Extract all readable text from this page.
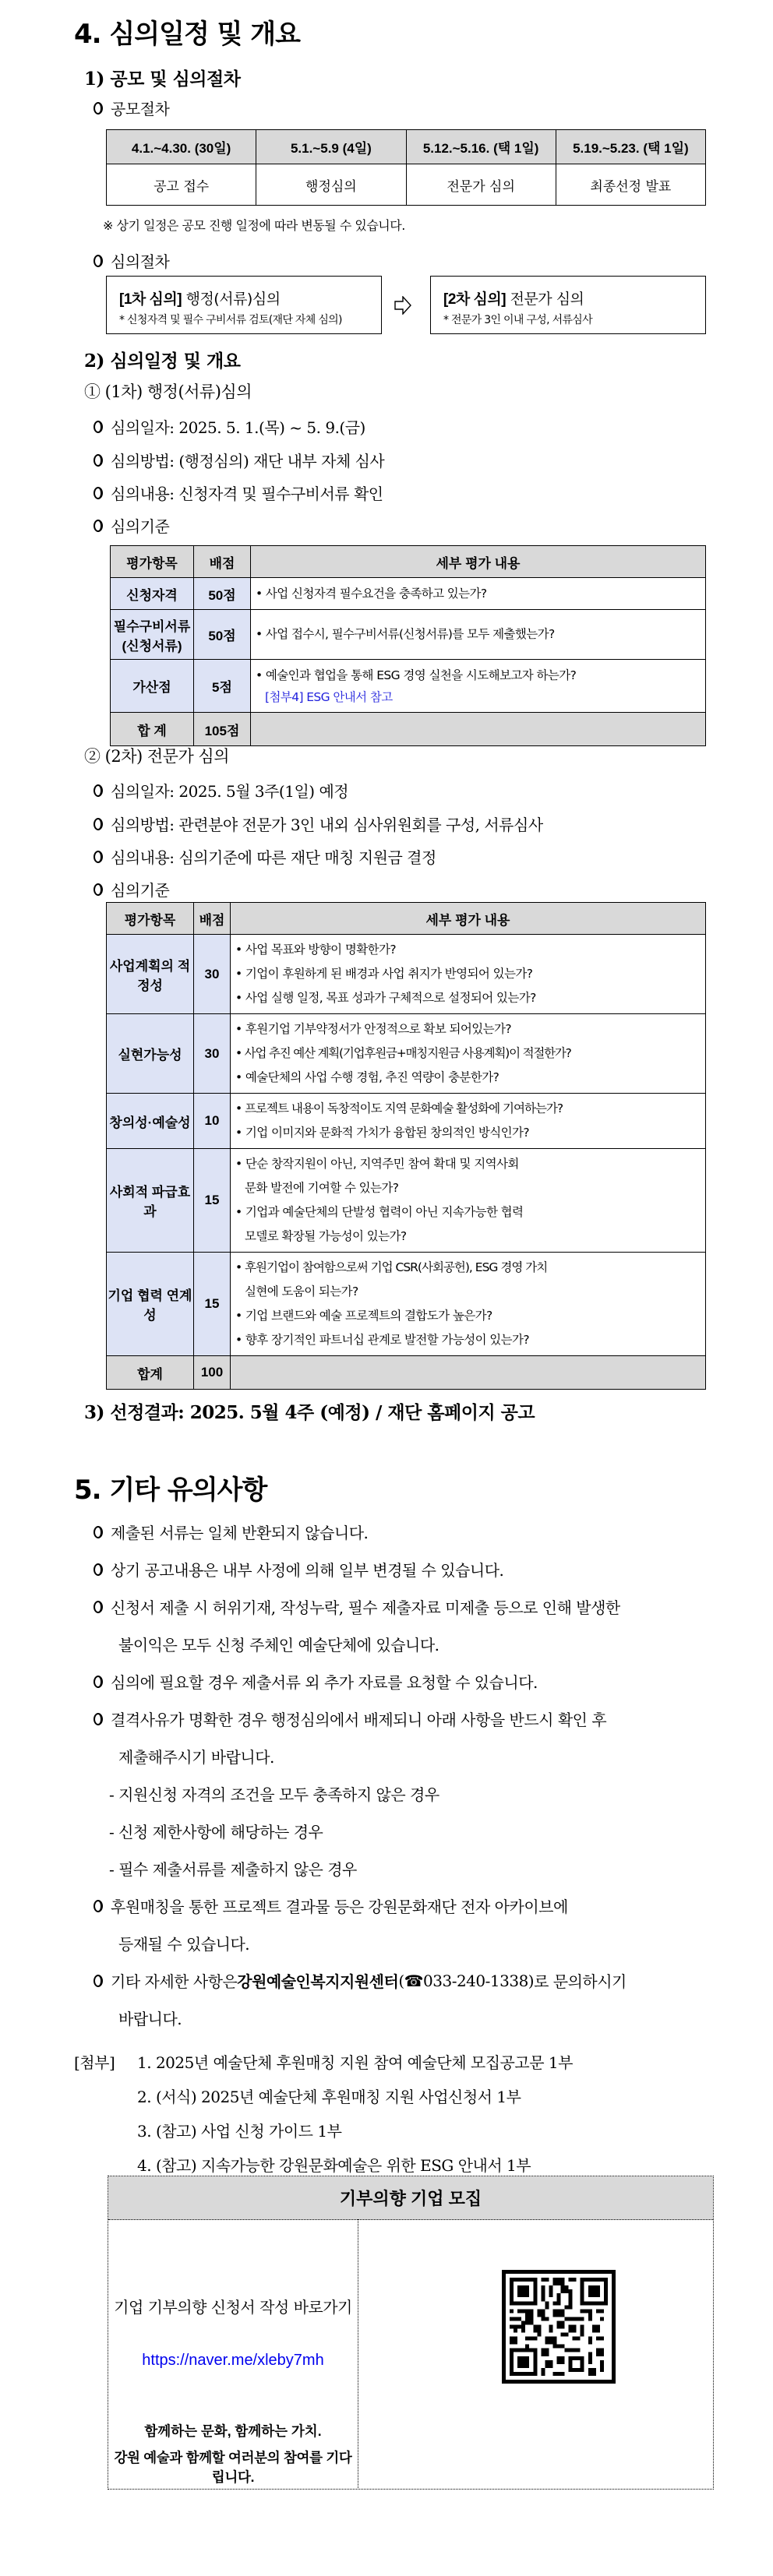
4. 심의일정 및 개요
1) 공모 및 심의절차
공모절차
4.1.~4.30. (30일)	5.1.~5.9 (4일)	5.12.~5.16. (택 1일)	5.19.~5.23. (택 1일)
공고 접수	행정심의	전문가 심의	최종선정 발표
※ 상기 일정은 공모 진행 일정에 따라 변동될 수 있습니다.
심의절차
[1차 심의] 행정(서류)심의
* 신청자격 및 필수 구비서류 검토(재단 자체 심의)
[2차 심의] 전문가 심의
* 전문가 3인 이내 구성, 서류심사
2) 심의일정 및 개요
① (1차) 행정(서류)심의
심의일자: 2025. 5. 1.(목) ~ 5. 9.(금)
심의방법: (행정심의) 재단 내부 자체 심사
심의내용: 신청자격 및 필수구비서류 확인
심의기준
평가항목	배점	세부 평가 내용
신청자격	50점	• 사업 신청자격 필수요건을 충족하고 있는가?

필수구비서류
(신청서류)	50점	• 사업 접수시, 필수구비서류(신청서류)를 모두 제출했는가?

가산점	5점	• 예술인과 협업을 통해 ESG 경영 실천을 시도해보고자 하는가?
[첨부4] ESG 안내서 참고

합 계	105점	
② (2차) 전문가 심의
심의일자: 2025. 5월 3주(1일) 예정
심의방법: 관련분야 전문가 3인 내외 심사위원회를 구성, 서류심사
심의내용: 심의기준에 따른 재단 매칭 지원금 결정
심의기준
평가항목	배점	세부 평가 내용
사업계획의 적정성	30	• 사업 목표와 방향이 명확한가?
• 기업이 후원하게 된 배경과 사업 취지가 반영되어 있는가?
• 사업 실행 일정, 목표 성과가 구체적으로 설정되어 있는가?

실현가능성	30	• 후원기업 기부약정서가 안정적으로 확보 되어있는가?
• 사업 추진 예산 계획(기업후원금+매칭지원금 사용계획)이 적절한가?
• 예술단체의 사업 수행 경험, 추진 역량이 충분한가?

창의성·예술성	10	• 프로젝트 내용이 독창적이도 지역 문화예술 활성화에 기여하는가?
• 기업 이미지와 문화적 가치가 융합된 창의적인 방식인가?

사회적 파급효과	15	• 단순 창작지원이 아닌, 지역주민 참여 확대 및 지역사회
문화 발전에 기여할 수 있는가?
• 기업과 예술단체의 단발성 협력이 아닌 지속가능한 협력
모델로 확장될 가능성이 있는가?

기업 협력 연계성	15	• 후원기업이 참여함으로써 기업 CSR(사회공헌), ESG 경영 가치
실현에 도움이 되는가?
• 기업 브랜드와 예술 프로젝트의 결합도가 높은가?
• 향후 장기적인 파트너십 관계로 발전할 가능성이 있는가?

합계	100	
3) 선정결과: 2025. 5월 4주 (예정) / 재단 홈페이지 공고
5. 기타 유의사항
제출된 서류는 일체 반환되지 않습니다.
상기 공고내용은 내부 사정에 의해 일부 변경될 수 있습니다.
신청서 제출 시 허위기재, 작성누락, 필수 제출자료 미제출 등으로 인해 발생한
불이익은 모두 신청 주체인 예술단체에 있습니다.
심의에 필요할 경우 제출서류 외 추가 자료를 요청할 수 있습니다.
결격사유가 명확한 경우 행정심의에서 배제되니 아래 사항을 반드시 확인 후
제출해주시기 바랍니다.
- 지원신청 자격의 조건을 모두 충족하지 않은 경우
- 신청 제한사항에 해당하는 경우
- 필수 제출서류를 제출하지 않은 경우
후원매칭을 통한 프로젝트 결과물 등은 강원문화재단 전자 아카이브에
등재될 수 있습니다.
기타 자세한 사항은 강원예술인복지지원센터 (☎033-240-1338) 로 문의하시기
바랍니다.
[첨부] 1. 2025년 예술단체 후원매칭 지원 참여 예술단체 모집공고문 1부
2. (서식) 2025년 예술단체 후원매칭 지원 사업신청서 1부
3. (참고) 사업 신청 가이드 1부
4. (참고) 지속가능한 강원문화예술은 위한 ESG 안내서 1부
기부의향 기업 모집
기업 기부의향 신청서 작성 바로가기
https://naver.me/xleby7mh
함께하는 문화, 함께하는 가치.
강원 예술과 함께할 여러분의 참여를 기다립니다.
